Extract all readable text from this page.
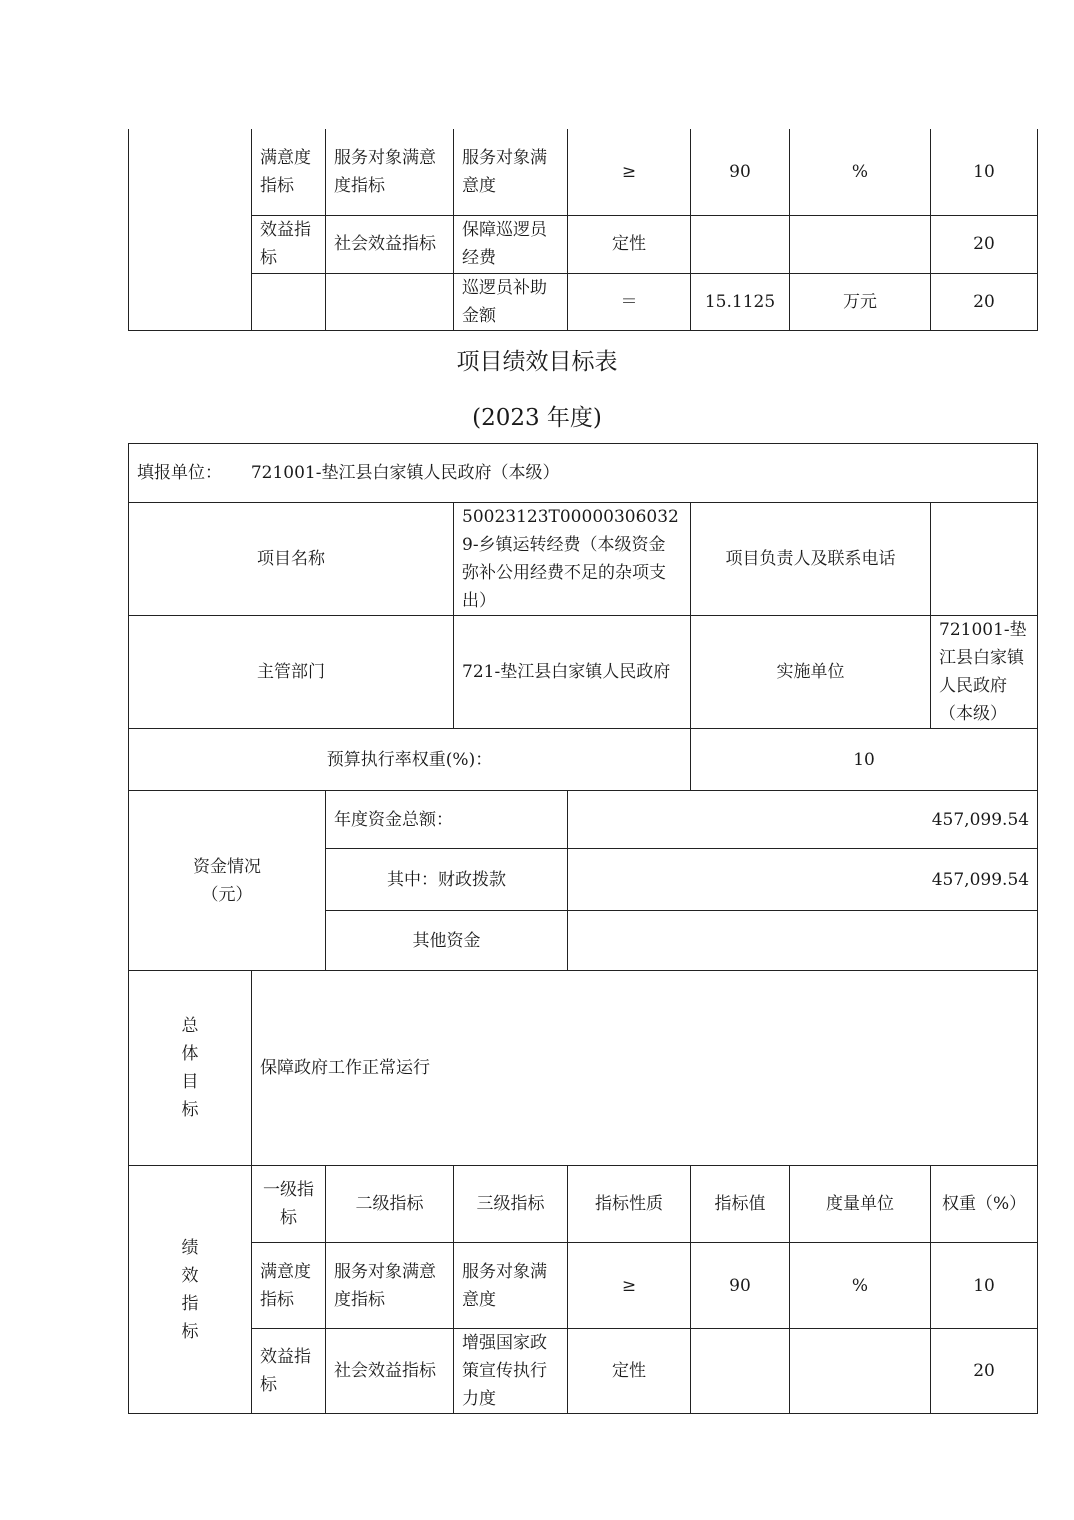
	满意度指标	服务对象满意度指标	服务对象满意度	≥	90	%	10
	效益指标	社会效益指标	保障巡逻员经费	定性			20
			巡逻员补助金额	＝	15.1125	万元	20
项目绩效目标表
(2023 年度)
填报单位： 721001-垫江县白家镇人民政府（本级）							
项目名称			50023123T000003060329-乡镇运转经费（本级资金弥补公用经费不足的杂项支出）		项目负责人及联系电话		
主管部门			721-垫江县白家镇人民政府		实施单位		721001-垫江县白家镇人民政府（本级）
预算执行率权重(%)：					10		

资金情况（元）		年度资金总额：		457,099.54			
		其中：财政拨款		457,099.54			
		其他资金					

总体目标	保障政府工作正常运行						

绩效指标	一级指标	二级指标	三级指标	指标性质	指标值	度量单位	权重（%）
	满意度指标	服务对象满意度指标	服务对象满意度	≥	90	%	10
	效益指标	社会效益指标	增强国家政策宣传执行力度	定性			20
